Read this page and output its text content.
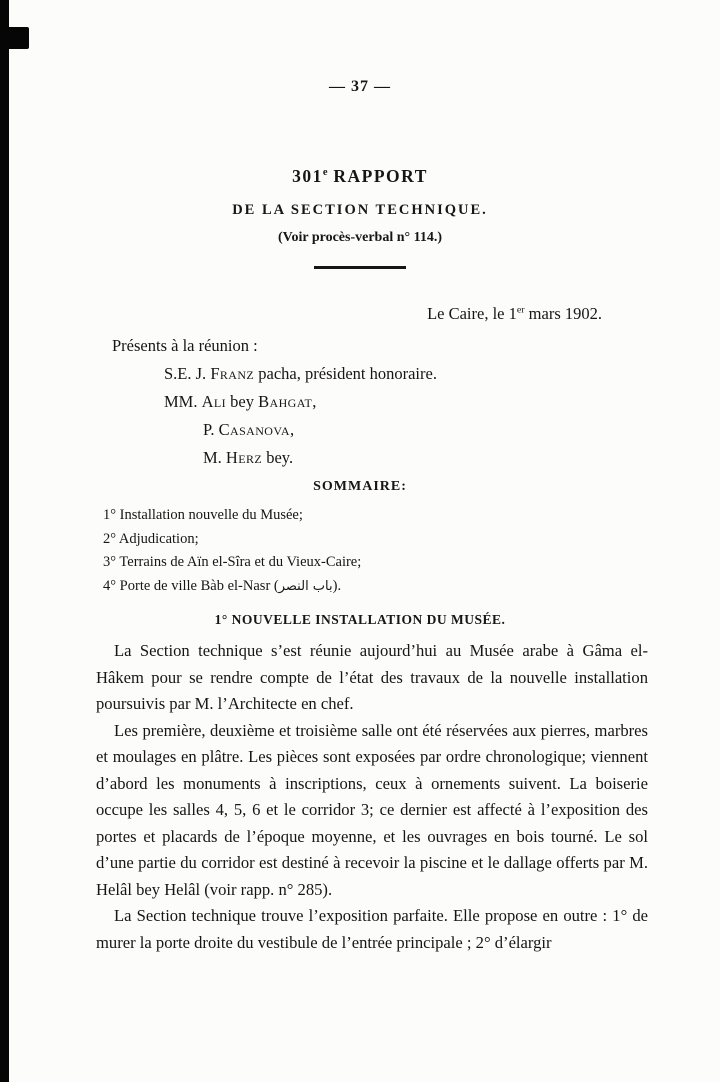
— 37 —
301e RAPPORT
DE LA SECTION TECHNIQUE.
(Voir procès-verbal n° 114.)
Le Caire, le 1er mars 1902.
Présents à la réunion :
S.E. J. Franz pacha, président honoraire.
MM. Ali bey Bahgat,
P. Casanova,
M. Herz bey.
SOMMAIRE:
1° Installation nouvelle du Musée;
2° Adjudication;
3° Terrains de Aïn el-Sîra et du Vieux-Caire;
4° Porte de ville Bàb el-Nasr (باب النصر).
1° NOUVELLE INSTALLATION DU MUSÉE.

La Section technique s’est réunie aujourd’hui au Musée arabe à Gâma el-Hâkem pour se rendre compte de l’état des travaux de la nouvelle installation poursuivis par M. l’Architecte en chef.

Les première, deuxième et troisième salle ont été réservées aux pierres, marbres et moulages en plâtre. Les pièces sont exposées par ordre chronologique; viennent d’abord les monuments à inscriptions, ceux à ornements suivent. La boiserie occupe les salles 4, 5, 6 et le corridor 3; ce dernier est affecté à l’exposition des portes et placards de l’époque moyenne, et les ouvrages en bois tourné. Le sol d’une partie du corridor est destiné à recevoir la piscine et le dallage offerts par M. Helâl bey Helâl (voir rapp. n° 285).

La Section technique trouve l’exposition parfaite. Elle propose en outre : 1° de murer la porte droite du vestibule de l’entrée principale ; 2° d’élargir
